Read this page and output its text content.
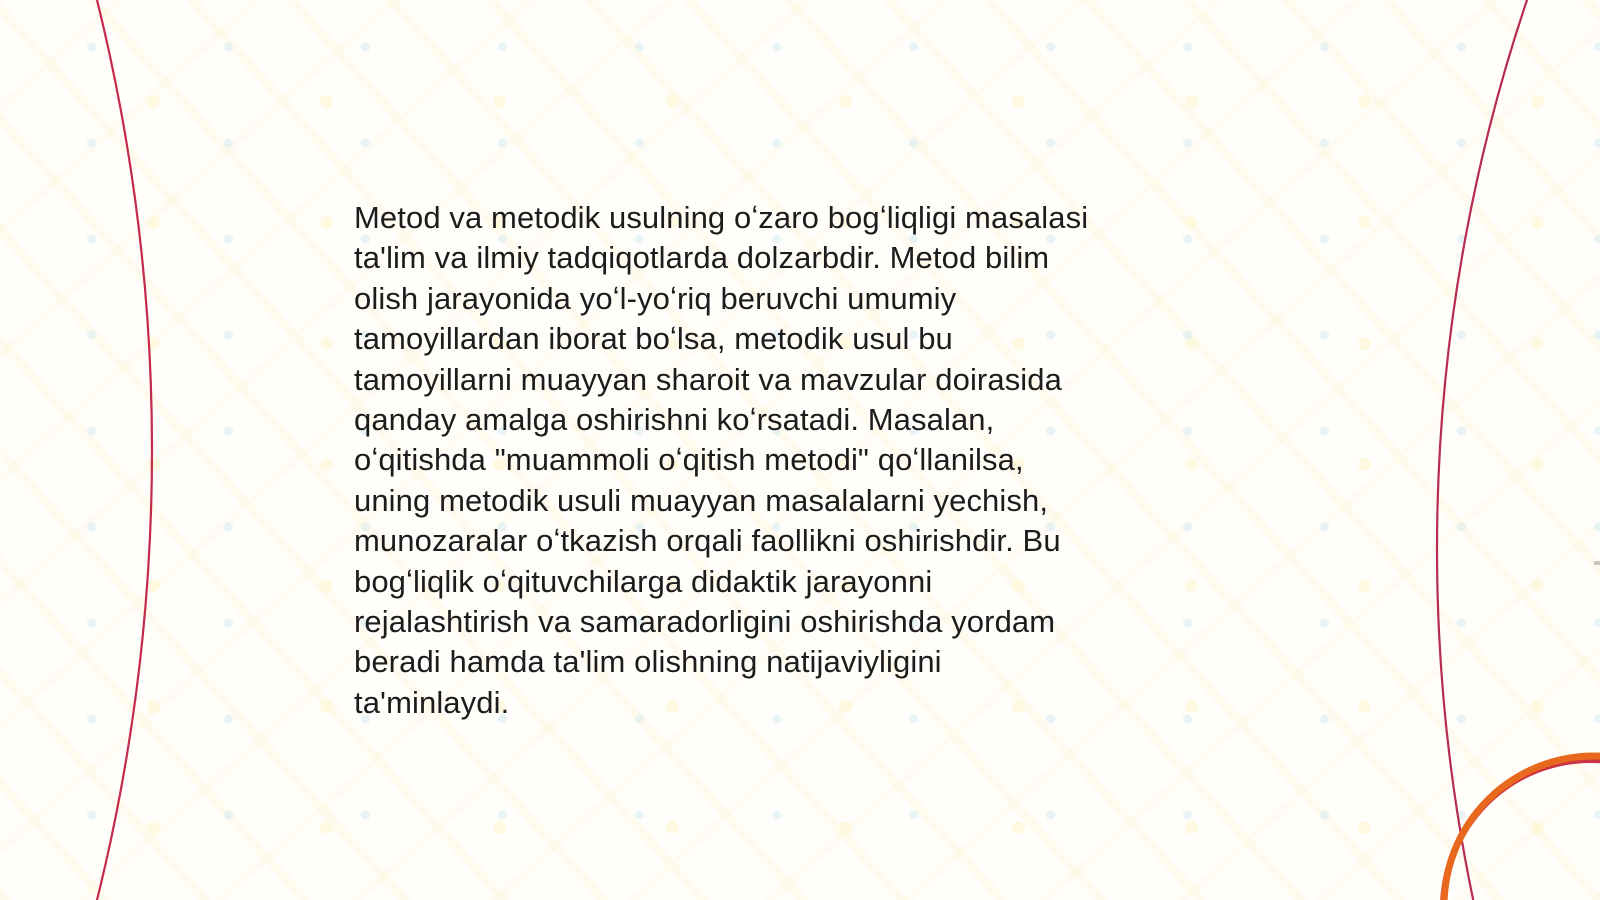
Metod va metodik usulning oʻzaro bogʻliqligi masalasi
ta'lim va ilmiy tadqiqotlarda dolzarbdir. Metod bilim
olish jarayonida yoʻl-yoʻriq beruvchi umumiy
tamoyillardan iborat boʻlsa, metodik usul bu
tamoyillarni muayyan sharoit va mavzular doirasida
qanday amalga oshirishni koʻrsatadi. Masalan,
oʻqitishda "muammoli oʻqitish metodi" qoʻllanilsa,
uning metodik usuli muayyan masalalarni yechish,
munozaralar oʻtkazish orqali faollikni oshirishdir. Bu
bogʻliqlik oʻqituvchilarga didaktik jarayonni
rejalashtirish va samaradorligini oshirishda yordam
beradi hamda ta'lim olishning natijaviyligini
ta'minlaydi.
